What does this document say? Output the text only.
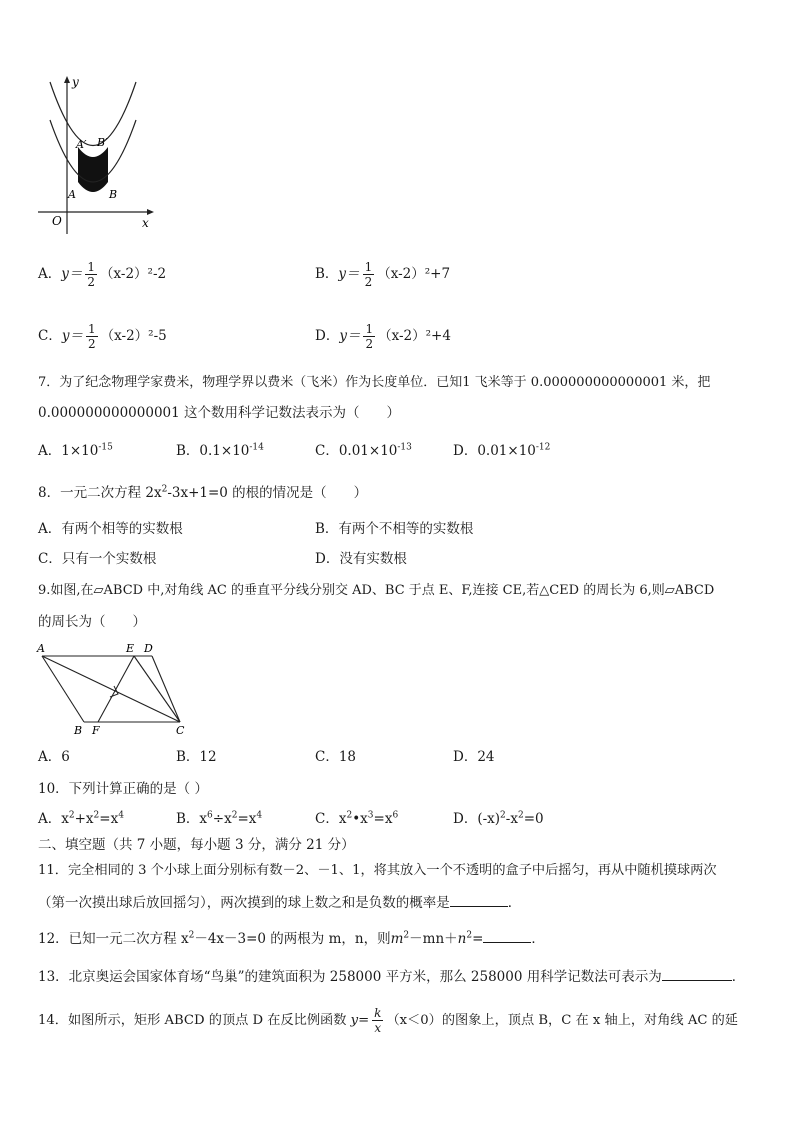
y
x
O
A′ B′
A	B
A．$y= \frac{1}{2} (x-2)^2-2$	B．$y= \frac{1}{2} (x-2)^2+7$
C．$y= \frac{1}{2} (x-2)^2-5$	D．$y= \frac{1}{2} (x-2)^2+4$
7．为了纪念物理学家费米，物理学界以费米（飞米）作为长度单位．已知1 飞米等于 0.000000000000001 米，把
0.000000000000001 这个数用科学记数法表示为（　　）
A．$1\times 10^{-15}$	B．$0.1\times 10^{-14}$	C．$0.01\times 10^{-13}$	D．$0.01\times 10^{-12}$
8．一元二次方程 $2x^2-3x+1=0$ 的根的情况是（　　）
A．有两个相等的实数根	B．有两个不相等的实数根
C．只有一个实数根	D．没有实数根
9.如图,在▱ABCD 中,对角线 AC 的垂直平分线分别交 AD、BC 于点 E、F,连接 CE,若△CED 的周长为 6,则▱ABCD
的周长为（　　）
A	E D
B F	C
A．6	B．12	C．18	D．24
10．下列计算正确的是（ ）
A．$x^2+x^2=x^4$	B．$x^6\div x^2=x^4$	C．$x^2•x^3=x^6$	D．$(-x)^2-x^2=0$
二、填空题（共 7 小题，每小题 3 分，满分 21 分）
11．完全相同的 3 个小球上面分别标有数－2、－1、1，将其放入一个不透明的盒子中后摇匀，再从中随机摸球两次
（第一次摸出球后放回摇匀），两次摸到的球上数之和是负数的概率是	．
12．已知一元二次方程 $x^2-4x-3=0$ 的两根为 m，n，则$m^2-mn+n^2=$	．
13．北京奥运会国家体育场“鸟巢”的建筑面积为 258000 平方米，那么 258000 用科学记数法可表示为	．
14．如图所示，矩形 ABCD 的顶点 D 在反比例函数 $y= \frac{k}{x} (x<0)$的图象上，顶点 B，C 在 x 轴上，对角线 AC 的延
